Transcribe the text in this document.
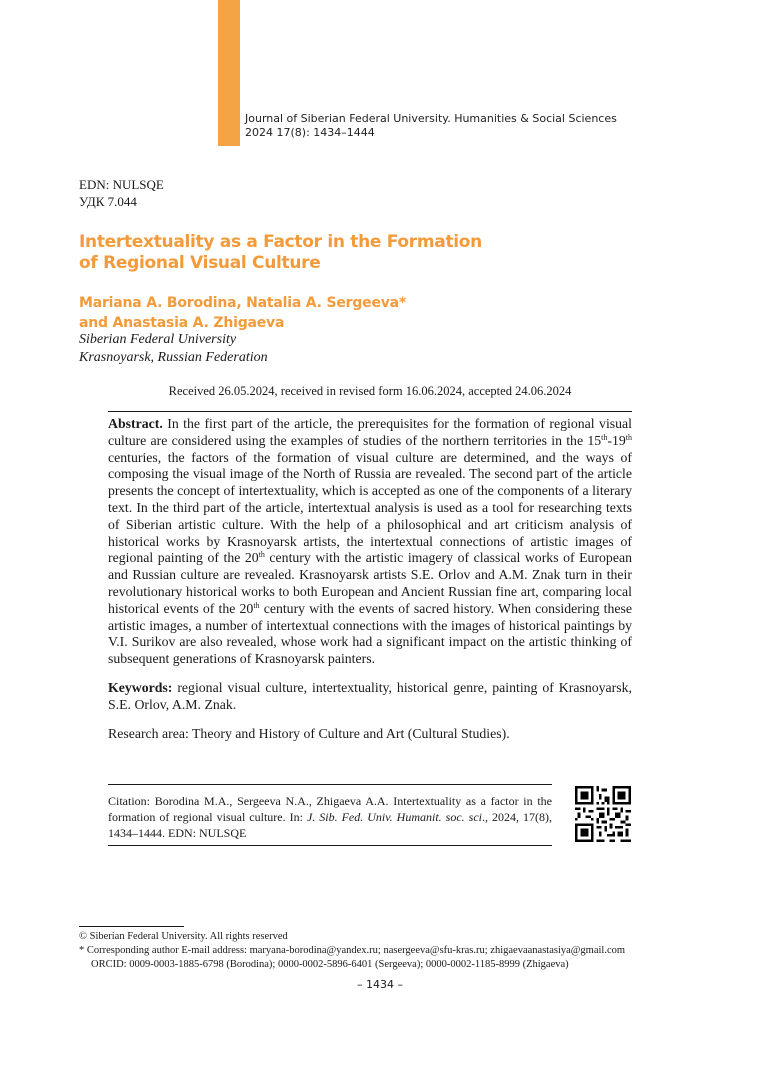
Journal of Siberian Federal University. Humanities & Social Sciences
2024 17(8): 1434–1444
EDN: NULSQE
УДК 7.044
Intertextuality as a Factor in the Formation
of Regional Visual Culture
Mariana A. Borodina, Natalia A. Sergeeva*
and Anastasia A. Zhigaeva
Siberian Federal University
Krasnoyarsk, Russian Federation
Received 26.05.2024, received in revised form 16.06.2024, accepted 24.06.2024

Abstract. In the first part of the article, the prerequisites for the formation of regional visual culture are considered using the examples of studies of the northern territories in the 15th-19th centuries, the factors of the formation of visual culture are determined, and the ways of composing the visual image of the North of Russia are revealed. The second part of the article presents the concept of intertextuality, which is accepted as one of the components of a literary text. In the third part of the article, intertextual analysis is used as a tool for researching texts of Siberian artistic culture. With the help of a philosophical and art criticism analysis of historical works by Krasnoyarsk artists, the intertextual connections of artistic images of regional painting of the 20th century with the artistic imagery of classical works of European and Russian culture are revealed. Krasnoyarsk artists S.E. Orlov and A.M. Znak turn in their revolutionary historical works to both European and Ancient Russian fine art, comparing local historical events of the 20th century with the events of sacred history. When considering these artistic images, a number of intertextual connections with the images of historical paintings by V.I. Surikov are also revealed, whose work had a significant impact on the artistic thinking of subsequent generations of Krasnoyarsk painters.

Keywords: regional visual culture, intertextuality, historical genre, painting of Krasnoyarsk, S.E. Orlov, A.M. Znak.

Research area: Theory and History of Culture and Art (Cultural Studies).

Citation: Borodina M.A., Sergeeva N.A., Zhigaeva A.A. Intertextuality as a factor in the formation of regional visual culture. In: J. Sib. Fed. Univ. Humanit. soc. sci., 2024, 17(8), 1434–1444. EDN: NULSQE
© Siberian Federal University. All rights reserved
* Corresponding author E-mail address: maryana-borodina@yandex.ru; nasergeeva@sfu-kras.ru; zhigaevaanastasiya@gmail.com
ORCID: 0009-0003-1885-6798 (Borodina); 0000-0002-5896-6401 (Sergeeva); 0000-0002-1185-8999 (Zhigaeva)
– 1434 –
